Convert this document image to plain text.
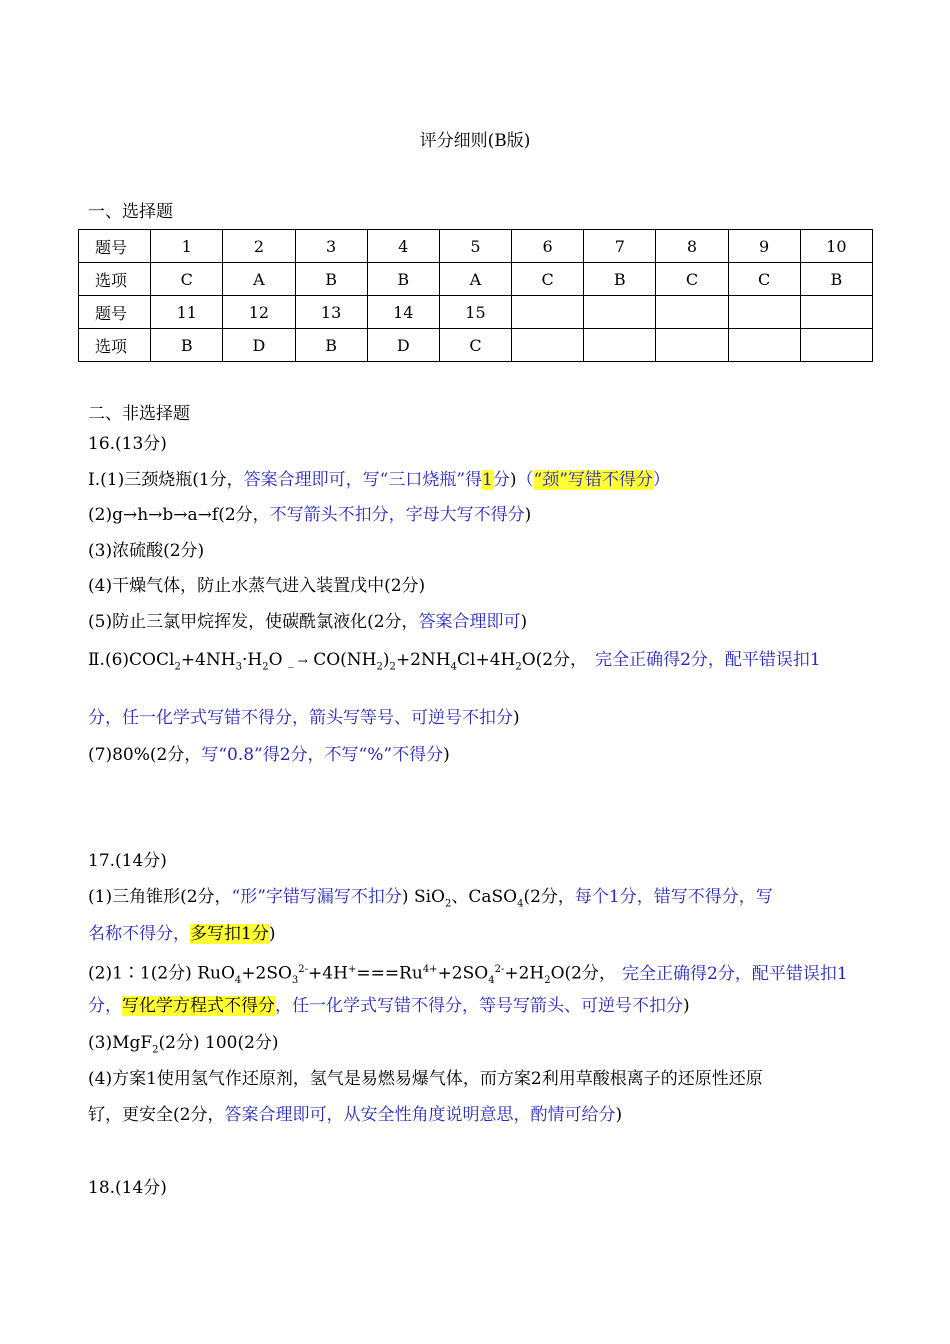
评分细则(B版)
一、选择题
题号	1	2	3	4	5	6	7	8	9	10
选项	C	A	B	B	A	C	B	C	C	B
题号	11	12	13	14	15					
选项	B	D	B	D	C					
二、非选择题
16.(13分)
Ⅰ.(1)三颈烧瓶(1分，答案合理即可，写“三口烧瓶”得1分)（“颈”写错不得分）
(2)g→h→b→a→f(2分，不写箭头不扣分，字母大写不得分)
(3)浓硫酸(2分)
(4)干燥气体，防止水蒸气进入装置戊中(2分)
(5)防止三氯甲烷挥发，使碳酰氯液化(2分，答案合理即可)
$Ⅱ.(6)COCl_2+4NH_3\cdot H_2O$ _ → $CO(NH_2)_2+2NH_4Cl+4H_2O(2$分， 完全正确得2分，配平错误扣1
分，任一化学式写错不得分，箭头写等号、可逆号不扣分)
(7)80%(2分，写“0.8”得2分，不写“%”不得分)
17.(14分)
(1)三角锥形(2分，“形”字错写漏写不扣分) SiO$_2$、CaSO$_4$(2分，每个1分，错写不得分，写
名称不得分，多写扣1分)
(2)1∶1(2分) $RuO_4+2SO_3^{2-}+4H^+===Ru^{4+}+2SO_4^{2-}+2H_2O(2$分， 完全正确得2分，配平错误扣1
分，写化学方程式不得分，任一化学式写错不得分，等号写箭头、可逆号不扣分)
(3)MgF$_2$(2分) 100(2分)
(4)方案1使用氢气作还原剂，氢气是易燃易爆气体，而方案2利用草酸根离子的还原性还原
钌，更安全(2分，答案合理即可，从安全性角度说明意思，酌情可给分)
18.(14分)
